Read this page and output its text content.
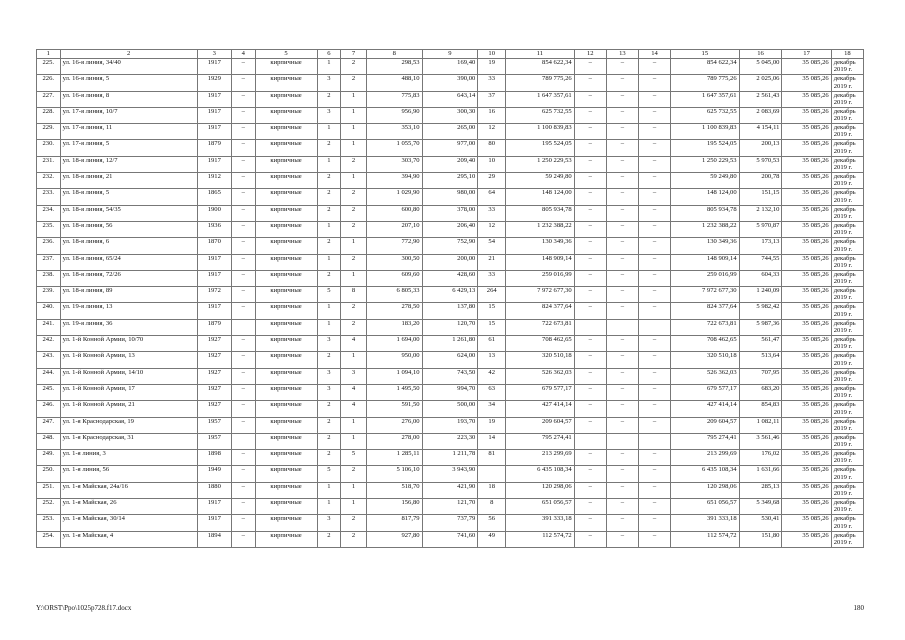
1	2	3	4	5	6	7	8	9	10	11	12	13	14	15	16	17	18
225.	ул. 16-я линия, 34/40	1917	–	кирпичные	1	2	298,53	169,40	19	854 622,34	–	–	–	854 622,34	5 045,00	35 085,26	декабрь 2019 г.
226.	ул. 16-я линия, 5	1929	–	кирпичные	3	2	488,10	390,00	33	789 775,26	–	–	–	789 775,26	2 025,06	35 085,26	декабрь 2019 г.
227.	ул. 16-я линия, 8	1917	–	кирпичные	2	1	775,83	643,14	37	1 647 357,61	–	–	–	1 647 357,61	2 561,43	35 085,26	декабрь 2019 г.
228.	ул. 17-я линия, 10/7	1917	–	кирпичные	3	1	956,90	300,30	16	625 732,55	–	–	–	625 732,55	2 083,69	35 085,26	декабрь 2019 г.
229.	ул. 17-я линия, 11	1917	–	кирпичные	1	1	353,10	265,00	12	1 100 839,83	–	–	–	1 100 839,83	4 154,11	35 085,26	декабрь 2019 г.
230.	ул. 17-я линия, 5	1879	–	кирпичные	2	1	1 055,70	977,00	80	195 524,05	–	–	–	195 524,05	200,13	35 085,26	декабрь 2019 г.
231.	ул. 18-я линия, 12/7	1917	–	кирпичные	1	2	303,70	209,40	10	1 250 229,53	–	–	–	1 250 229,53	5 970,53	35 085,26	декабрь 2019 г.
232.	ул. 18-я линия, 21	1912	–	кирпичные	2	1	394,90	295,10	29	59 249,80	–	–	–	59 249,80	200,78	35 085,26	декабрь 2019 г.
233.	ул. 18-я линия, 5	1865	–	кирпичные	2	2	1 029,90	980,00	64	148 124,00	–	–	–	148 124,00	151,15	35 085,26	декабрь 2019 г.
234.	ул. 18-я линия, 54/35	1900	–	кирпичные	2	2	600,80	378,00	33	805 934,78	–	–	–	805 934,78	2 132,10	35 085,26	декабрь 2019 г.
235.	ул. 18-я линия, 56	1936	–	кирпичные	1	2	207,10	206,40	12	1 232 388,22	–	–	–	1 232 388,22	5 970,87	35 085,26	декабрь 2019 г.
236.	ул. 18-я линия, 6	1870	–	кирпичные	2	1	772,90	752,90	54	130 349,36	–	–	–	130 349,36	173,13	35 085,26	декабрь 2019 г.
237.	ул. 18-я линия, 65/24	1917	–	кирпичные	1	2	300,50	200,00	21	148 909,14	–	–	–	148 909,14	744,55	35 085,26	декабрь 2019 г.
238.	ул. 18-я линия, 72/26	1917	–	кирпичные	2	1	609,60	428,60	33	259 016,99	–	–	–	259 016,99	604,33	35 085,26	декабрь 2019 г.
239.	ул. 18-я линия, 89	1972	–	кирпичные	5	8	6 805,33	6 429,13	264	7 972 677,30	–	–	–	7 972 677,30	1 240,09	35 085,26	декабрь 2019 г.
240.	ул. 19-я линия, 13	1917	–	кирпичные	1	2	278,50	137,80	15	824 377,64	–	–	–	824 377,64	5 982,42	35 085,26	декабрь 2019 г.
241.	ул. 19-я линия, 36	1879		кирпичные	1	2	183,20	120,70	15	722 673,81				722 673,81	5 987,36	35 085,26	декабрь 2019 г.
242.	ул. 1-й Конной Армии, 10/70	1927	–	кирпичные	3	4	1 694,00	1 261,80	61	708 462,65	–	–	–	708 462,65	561,47	35 085,26	декабрь 2019 г.
243.	ул. 1-й Конной Армии, 13	1927	–	кирпичные	2	1	950,00	624,00	13	320 510,18	–	–	–	320 510,18	513,64	35 085,26	декабрь 2019 г.
244.	ул. 1-й Конной Армии, 14/10	1927	–	кирпичные	3	3	1 094,10	743,50	42	526 362,03	–	–	–	526 362,03	707,95	35 085,26	декабрь 2019 г.
245.	ул. 1-й Конной Армии, 17	1927	–	кирпичные	3	4	1 495,50	994,70	63	679 577,17	–	–	–	679 577,17	683,20	35 085,26	декабрь 2019 г.
246.	ул. 1-й Конной Армии, 21	1927	–	кирпичные	2	4	591,50	500,00	34	427 414,14	–	–	–	427 414,14	854,83	35 085,26	декабрь 2019 г.
247.	ул. 1-я Краснодарская, 19	1957	–	кирпичные	2	1	276,00	193,70	19	209 604,57	–	–	–	209 604,57	1 082,11	35 085,26	декабрь 2019 г.
248.	ул. 1-я Краснодарская, 31	1957		кирпичные	2	1	278,00	223,30	14	795 274,41				795 274,41	3 561,46	35 085,26	декабрь 2019 г.
249.	ул. 1-я линия, 3	1898	–	кирпичные	2	5	1 285,11	1 211,78	81	213 299,69	–	–	–	213 299,69	176,02	35 085,26	декабрь 2019 г.
250.	ул. 1-я линия, 56	1949	–	кирпичные	5	2	5 106,10	3 943,90		6 435 108,34	–	–	–	6 435 108,34	1 631,66	35 085,26	декабрь 2019 г.
251.	ул. 1-я Майская, 24а/16	1880	–	кирпичные	1	1	518,70	421,90	18	120 298,06	–	–	–	120 298,06	285,13	35 085,26	декабрь 2019 г.
252.	ул. 1-я Майская, 26	1917	–	кирпичные	1	1	156,80	121,70	8	651 056,57	–	–	–	651 056,57	5 349,68	35 085,26	декабрь 2019 г.
253.	ул. 1-я Майская, 30/14	1917	–	кирпичные	3	2	817,79	737,79	56	391 333,18	–	–	–	391 333,18	530,41	35 085,26	декабрь 2019 г.
254.	ул. 1-я Майская, 4	1894	–	кирпичные	2	2	927,80	741,60	49	112 574,72	–	–	–	112 574,72	151,80	35 085,26	декабрь 2019 г.
Y:\ORST\Ppo\1025p728.f17.docx	180
